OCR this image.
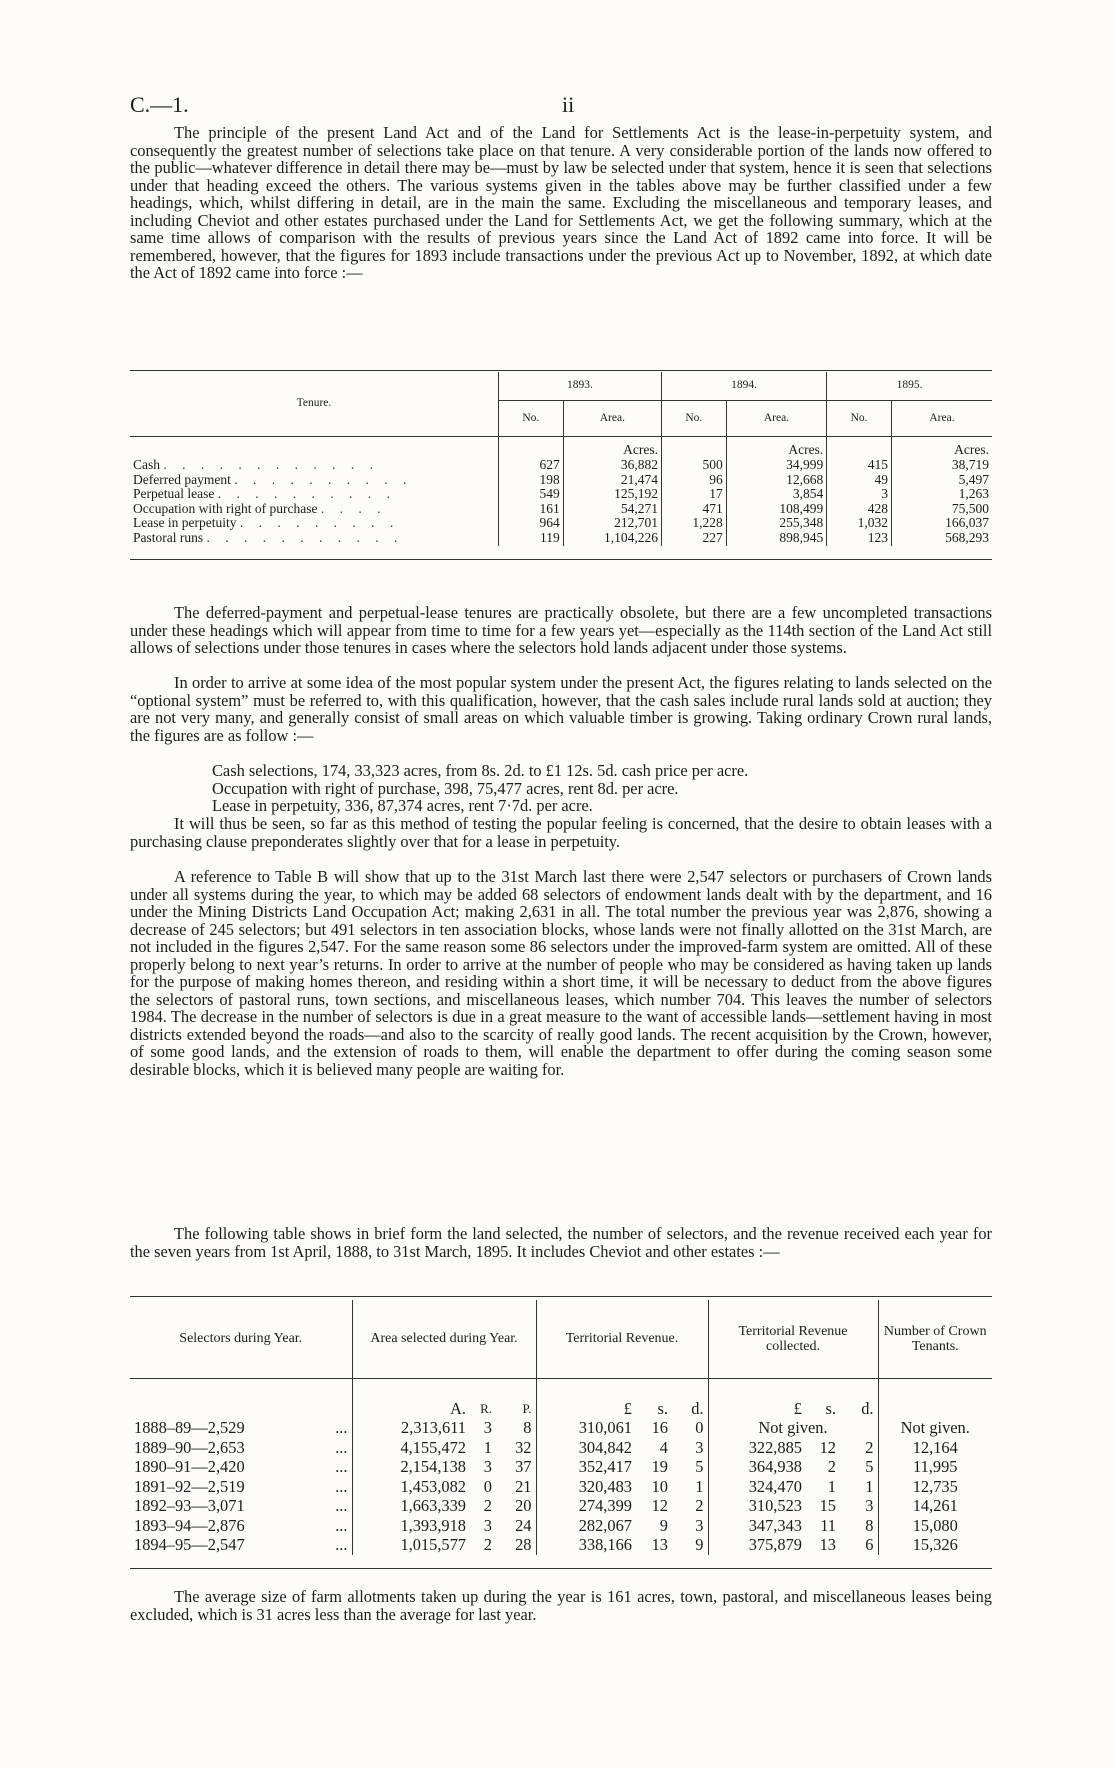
C.—1.	ii

The principle of the present Land Act and of the Land for Settlements Act is the lease-in-perpetuity system, and consequently the greatest number of selections take place on that tenure. A very considerable portion of the lands now offered to the public—whatever difference in detail there may be—must by law be selected under that system, hence it is seen that selections under that heading exceed the others. The various systems given in the tables above may be further classified under a few headings, which, whilst differing in detail, are in the main the same. Excluding the miscellaneous and temporary leases, and including Cheviot and other estates purchased under the Land for Settlements Act, we get the following summary, which at the same time allows of comparison with the results of previous years since the Land Act of 1892 came into force. It will be remembered, however, that the figures for 1893 include transactions under the previous Act up to November, 1892, at which date the Act of 1892 came into force :—

Tenure.	1893.		1894.		1895.	
	No.	Area.	No.	Area.	No.	Area.
		Acres.		Acres.		Acres.
Cash . . . . . . . . . . . .	627	36,882	500	34,999	415	38,719
Deferred payment . . . . . . . . . .	198	21,474	96	12,668	49	5,497
Perpetual lease . . . . . . . . . .	549	125,192	17	3,854	3	1,263
Occupation with right of purchase . . . .	161	54,271	471	108,499	428	75,500
Lease in perpetuity . . . . . . . . .	964	212,701	1,228	255,348	1,032	166,037
Pastoral runs . . . . . . . . . . .	119	1,104,226	227	898,945	123	568,293

The deferred-payment and perpetual-lease tenures are practically obsolete, but there are a few uncompleted transactions under these headings which will appear from time to time for a few years yet—especially as the 114th section of the Land Act still allows of selections under those tenures in cases where the selectors hold lands adjacent under those systems.

In order to arrive at some idea of the most popular system under the present Act, the figures relating to lands selected on the “optional system” must be referred to, with this qualification, however, that the cash sales include rural lands sold at auction; they are not very many, and generally consist of small areas on which valuable timber is growing. Taking ordinary Crown rural lands, the figures are as follow :—

Cash selections, 174, 33,323 acres, from 8s. 2d. to £1 12s. 5d. cash price per acre.
Occupation with right of purchase, 398, 75,477 acres, rent 8d. per acre.
Lease in perpetuity, 336, 87,374 acres, rent 7·7d. per acre.

It will thus be seen, so far as this method of testing the popular feeling is concerned, that the desire to obtain leases with a purchasing clause preponderates slightly over that for a lease in perpetuity.

A reference to Table B will show that up to the 31st March last there were 2,547 selectors or purchasers of Crown lands under all systems during the year, to which may be added 68 selectors of endowment lands dealt with by the department, and 16 under the Mining Districts Land Occupation Act; making 2,631 in all. The total number the previous year was 2,876, showing a decrease of 245 selectors; but 491 selectors in ten association blocks, whose lands were not finally allotted on the 31st March, are not included in the figures 2,547. For the same reason some 86 selectors under the improved-farm system are omitted. All of these properly belong to next year’s returns. In order to arrive at the number of people who may be considered as having taken up lands for the purpose of making homes thereon, and residing within a short time, it will be necessary to deduct from the above figures the selectors of pastoral runs, town sections, and miscellaneous leases, which number 704. This leaves the number of selectors 1984. The decrease in the number of selectors is due in a great measure to the want of accessible lands—settlement having in most districts extended beyond the roads—and also to the scarcity of really good lands. The recent acquisition by the Crown, however, of some good lands, and the extension of roads to them, will enable the department to offer during the coming season some desirable blocks, which it is believed many people are waiting for.

The following table shows in brief form the land selected, the number of selectors, and the revenue received each year for the seven years from 1st April, 1888, to 31st March, 1895. It includes Cheviot and other estates :—

Selectors during Year.	Area selected during Year.			Territorial Revenue.			Territorial Revenue collected.			Number of Crown Tenants.
	A.	R.	P.	£	s.	d.	£	s.	d.	
1888–89—2,529 ...	2,313,611	3	8	310,061	16	0	Not given.			Not given.
1889–90—2,653 ...	4,155,472	1	32	304,842	4	3	322,885	12	2	12,164
1890–91—2,420 ...	2,154,138	3	37	352,417	19	5	364,938	2	5	11,995
1891–92—2,519 ...	1,453,082	0	21	320,483	10	1	324,470	1	1	12,735
1892–93—3,071 ...	1,663,339	2	20	274,399	12	2	310,523	15	3	14,261
1893–94—2,876 ...	1,393,918	3	24	282,067	9	3	347,343	11	8	15,080
1894–95—2,547 ...	1,015,577	2	28	338,166	13	9	375,879	13	6	15,326

The average size of farm allotments taken up during the year is 161 acres, town, pastoral, and miscellaneous leases being excluded, which is 31 acres less than the average for last year.
